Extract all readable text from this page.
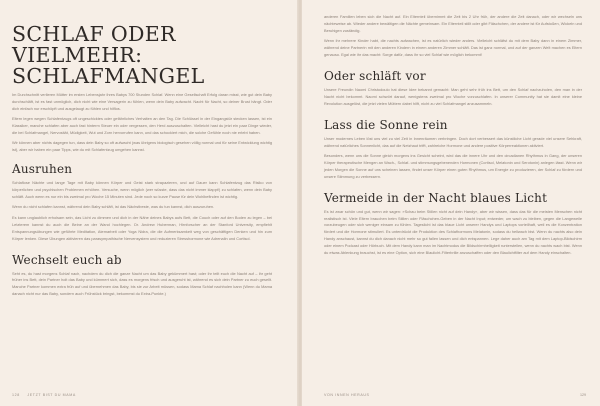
SCHLAF ODER VIELMEHR:
SCHLAFMANGEL

Im Durchschnitt verlieren Mütter im ersten Lebensjahr ihres Babys 700 Stunden Schlaf. Wenn eine Gesellschaft Erfolg daran misst, wie gut dein Baby durchschläft, ist es fast unmöglich, dich nicht wie eine Versagerin zu fühlen, wenn dein Baby aufwacht. Nacht für Nacht, so deiner Brust hängt. Oder dich einfach nur erschöpft und ausgelaugt zu fühlen und hilflos.

Eltern legen wegen Schlafentzugs oft ungeschicktes oder gefährliches Verhalten an den Tag. Die Schlüssel in der Eingangstür stecken lassen, ist ein Klassiker, manche schlafen aber auch fast hinterm Steuer ein oder vergessen, den Herd auszuschalten. Vielleicht hast du jetzt ein paar Dinge wieder, die bei Schlafmangel, Nervosität, Müdigkeit, Wut und Zorn hervorrufen kann, und das schockiert mich, die solche Gefühle noch nie erlebt haben.

Wir können aber nichts dagegen tun, dass dein Baby so oft aufwacht (was übrigens biologisch gesehen völlig normal und für seine Entwicklung wichtig ist), aber wir haben ein paar Tipps, wie du mit Schlafentzug umgehen kannst.

Ausruhen

Schlaflose Nächte und lange Tage mit Baby können Körper und Geist stark strapazieren, und auf Dauer kann Schlafentzug das Risiko von körperlichen und psychischen Problemen erhöhen. Versuche, wenn möglich (wer wüsste, dass das nicht immer klappt!) zu schlafen, wenn dein Baby schläft. Auch wenn es nur ein bis zweimal pro Woche 15 Minuten sind. Jede noch so kurze Pause für dein Wohlbefinden ist wichtig.

Wenn du nicht schlafen kannst, während dein Baby schläft, ist das Nächstbeste, was du tun kannst, dich auszuruhen.

Es kann unglaublich erholsam sein, das Licht zu dimmen und dich in der Nähe deines Babys aufs Bett, die Couch oder auf den Boden zu legen – bei Letzterem kannst du auch die Beine an der Wand hochlegen. Dr. Andrew Huberman, Hirnforscher an der Stanford University, empfiehlt Entspannungsübungen wie geführte Meditation, Atemarbeit oder Yoga Nidra, die die Aufmerksamkeit weg von geschäftigen Denken und hin zum Körper lenken. Diese Übungen aktivieren das parasympathische Nervensystem und reduzieren Stresshormone wie Adrenalin und Cortisol.

Wechselt euch ab

Seht es, du hast morgens Schlaf nach, nachdem du dich die ganze Nacht um das Baby gekümmert hast; oder ihr teilt euch die Nacht auf – ihr geht früher ins Bett, dein Partner holt das Baby und kümmert sich, dass es morgens frisch und ausgeruht ist, während es sich dein Partner zu euch gesellt. Manche Partner kommen extra früh auf und übernehmen das Baby, bis sie zur Arbeit müssen, sodass Mama Schlaf nachholen kann (Wenn du Mama danach nicht nur das Baby, sondern auch Frühstück bringst, bekommst du Extra-Punkte.)

128 JETZT BIST DU MAMA

anderen Familien leben sich die Nacht auf. Ein Elternteil übernimmt die Zeit bis 2 Uhr früh, der andere die Zeit danach, oder wir wechseln uns nächteweise ab. Wieder andere bewältigen die Nächte gemeinsam. Ein Elternteil stillt oder gibt Fläschchen, der andere ist für Aufstoßen, Wickeln und Beruhigen zuständig.

Wenn ihr mehrere Kinder habt, die nachts aufwachen, ist es natürlich wieder anders. Vielleicht schläfst du mit dem Baby dann in einem Zimmer, während deine Partnerin mit den anderen Kindern in einem anderen Zimmer schläft. Das ist ganz normal, und auf der ganzen Welt machen es Eltern genauso. Egal wie ihr das macht: Sorge dafür, dass ihr so viel Schlaf wie möglich bekommt!

Oder schläft vor

Unsere Freundin Naomi Christodoulo hat diese Idee bekannt gemacht: Man geht sehr früh ins Bett, um den Schlaf nachzuholen, den man in der Nacht nicht bekommt. Naomi schwört darauf, wenigstens zweimal pro Woche vorzuschlafen. In unserer Community hat sie damit eine kleine Revolution ausgelöst, die jetzt vielen Müttern dabei hilft, nicht zu viel Schlafmangel anzusammeln.

Lass die Sonne rein

Unser modernes Leben löst uns viel zu viel Zeit in Innenräumen verbringen. Doch dort verbessert das künstliche Licht gerade viel unsere Sehkraft, während natürliches Sonnenlicht, das auf die Netzhaut trifft, zahlreiche Hormone und andere positive Körperreaktionen aktiviert.

Besonders, wenn uns die Sonne gleich morgens ins Gesicht scheint, wird das die innere Uhr und den circadianen Rhythmus in Gang, der unseren Körper therapeutische Mengen an Wach-, Schlaf- und stimmungsgebenenden Hormonen (Cortisol, Melatonin und Serotonin) anlegen lässt. Wenn wir jeden Morgen die Sonne auf uns scheinen lassen, findet unser Körper einen guten Rhythmus, um Energie zu produzieren, der Schlaf zu fördern und unsere Stimmung zu verbessern.

Vermeide in der Nacht blaues Licht

Es ist zwar schön und gut, wenn wir sagen: »Schau beim Stillen nicht auf dein Handy«, aber wir wissen, dass das für die meisten Menschen nicht realistisch ist. Viele Eltern brauchen beim Stillen oder Fläschchen-Geben in der Nacht Input; entweder, um wach zu bleiben, gegen die Langeweile vorzubeugen oder sich weniger einsam zu fühlen. Tageslicht ist das blaue Licht unserer Handys und Laptops vorteilhaft, weil es die Konzentration fördert und die Hormone stimuliert. Es unterdrückt die Produktion des Schlafhormons Melatonin, sodass du hellwach bist. Wenn du nachts also dein Handy anschaust, kannst du dich danach nicht mehr so gut fallen lassen und dich entspannen. Lege daher auch am Tag mit dem Laptop-Bildschirm oder einem Podcast oder Hörbuch. Mit dem Handy kann man im Nachtmodus die Bildschirmhelligkeit runterstellen, wenn du nachts wach bist. Wenn du etwas Ablenkung brauchst, ist es eine Option, sich eine Blaulicht-Filterbrille anzuschaffen oder den Blaulichtfilter auf dem Handy einschalten.

VON INNEN HERAUS	129
